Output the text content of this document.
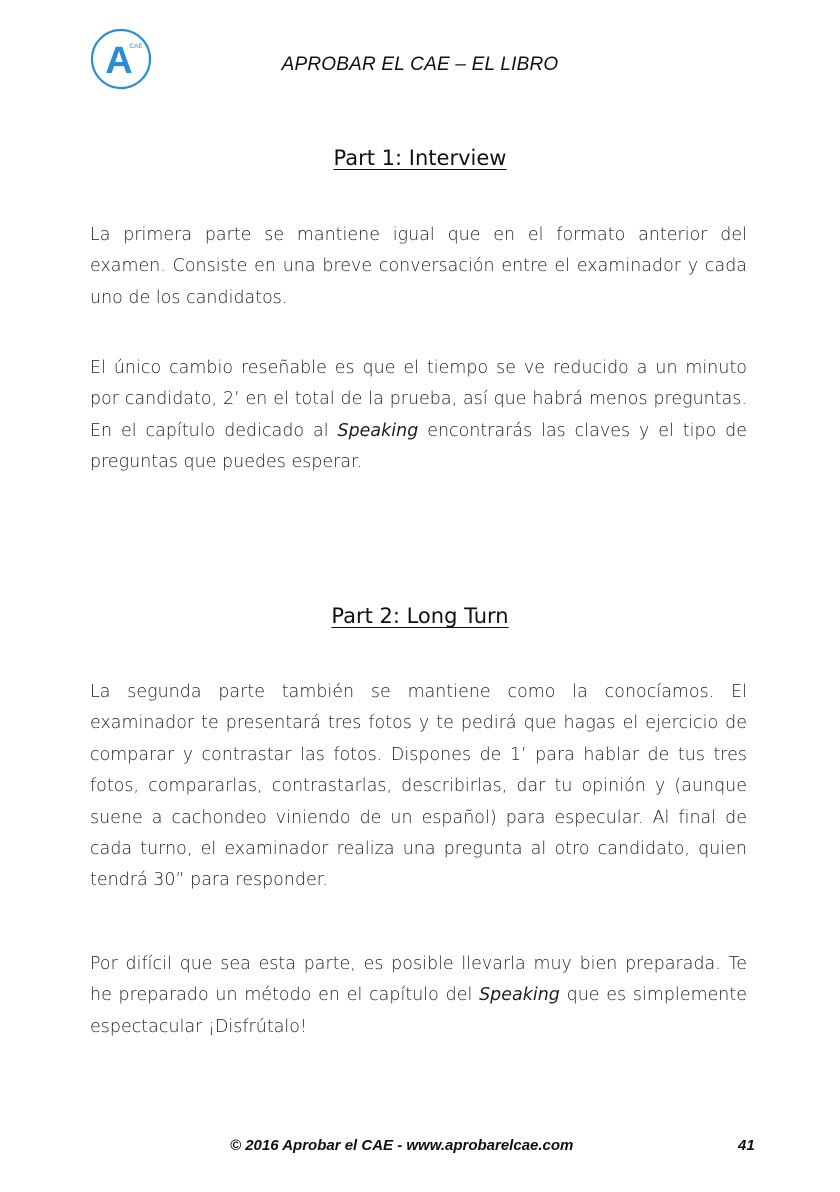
A
CAE
APROBAR EL CAE – EL LIBRO
Part 1: Interview

La primera parte se mantiene igual que en el formato anterior del examen. Consiste en una breve conversación entre el examinador y cada uno de los candidatos.

El único cambio reseñable es que el tiempo se ve reducido a un minuto por candidato, 2’ en el total de la prueba, así que habrá menos preguntas. En el capítulo dedicado al Speaking encontrarás las claves y el tipo de preguntas que puedes esperar.

Part 2: Long Turn

La segunda parte también se mantiene como la conocíamos. El examinador te presentará tres fotos y te pedirá que hagas el ejercicio de comparar y contrastar las fotos. Dispones de 1’ para hablar de tus tres fotos, compararlas, contrastarlas, describirlas, dar tu opinión y (aunque suene a cachondeo viniendo de un español) para especular. Al final de cada turno, el examinador realiza una pregunta al otro candidato, quien tendrá 30” para responder.

Por difícil que sea esta parte, es posible llevarla muy bien preparada. Te he preparado un método en el capítulo del Speaking que es simplemente espectacular ¡Disfrútalo!

© 2016 Aprobar el CAE - www.aprobarelcae.com	41
